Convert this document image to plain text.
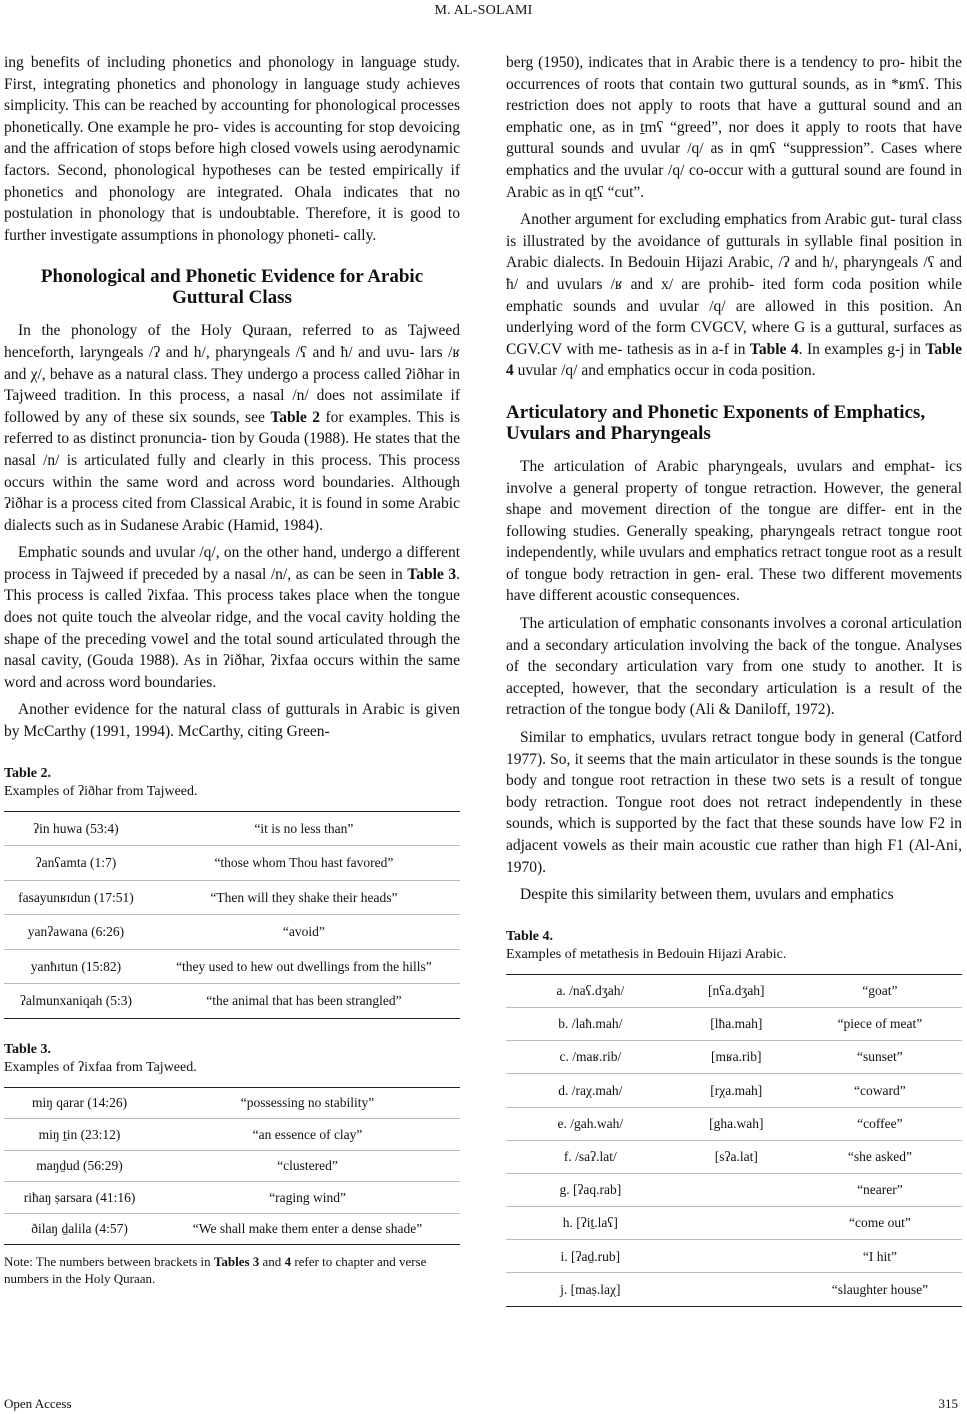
M. AL-SOLAMI

ing benefits of including phonetics and phonology in language study. First, integrating phonetics and phonology in language study achieves simplicity. This can be reached by accounting for phonological processes phonetically. One example he pro- vides is accounting for stop devoicing and the affrication of stops before high closed vowels using aerodynamic factors. Second, phonological hypotheses can be tested empirically if phonetics and phonology are integrated. Ohala indicates that no postulation in phonology that is undoubtable. Therefore, it is good to further investigate assumptions in phonology phoneti- cally.

Phonological and Phonetic Evidence for Arabic Guttural Class

In the phonology of the Holy Quraan, referred to as Tajweed henceforth, laryngeals /ʔ and h/, pharyngeals /ʕ and ħ/ and uvu- lars /ʁ and χ/, behave as a natural class. They undergo a process called ʔiðhar in Tajweed tradition. In this process, a nasal /n/ does not assimilate if followed by any of these six sounds, see Table 2 for examples. This is referred to as distinct pronuncia- tion by Gouda (1988). He states that the nasal /n/ is articulated fully and clearly in this process. This process occurs within the same word and across word boundaries. Although ʔiðhar is a process cited from Classical Arabic, it is found in some Arabic dialects such as in Sudanese Arabic (Hamid, 1984).

Emphatic sounds and uvular /q/, on the other hand, undergo a different process in Tajweed if preceded by a nasal /n/, as can be seen in Table 3. This process is called ʔixfaa. This process takes place when the tongue does not quite touch the alveolar ridge, and the vocal cavity holding the shape of the preceding vowel and the total sound articulated through the nasal cavity, (Gouda 1988). As in ʔiðhar, ʔixfaa occurs within the same word and across word boundaries.

Another evidence for the natural class of gutturals in Arabic is given by McCarthy (1991, 1994). McCarthy, citing Green-

Table 2.
Examples of ʔiðhar from Tajweed.
ʔin huwa (53:4)	“it is no less than”
ʔanʕamta (1:7)	“those whom Thou hast favored”
fasayunʁɪdun (17:51)	“Then will they shake their heads”
yanʔawana (6:26)	“avoid”
yanħɪtun (15:82)	“they used to hew out dwellings from the hills”
ʔalmunxaniqah (5:3)	“the animal that has been strangled”
Table 3.
Examples of ʔixfaa from Tajweed.
miŋ qarar (14:26)	“possessing no stability”
miŋ ṯin (23:12)	“an essence of clay”
maŋḏud (56:29)	“clustered”
riħaŋ ṣarsara (41:16)	“raging wind”
ðilaŋ ḏalila (4:57)	“We shall make them enter a dense shade”
Note: The numbers between brackets in Tables 3 and 4 refer to chapter and verse numbers in the Holy Quraan.

berg (1950), indicates that in Arabic there is a tendency to pro- hibit the occurrences of roots that contain two guttural sounds, as in *ʁmʕ. This restriction does not apply to roots that have a guttural sound and an emphatic one, as in ṯmʕ “greed”, nor does it apply to roots that have guttural sounds and uvular /q/ as in qmʕ “suppression”. Cases where emphatics and the uvular /q/ co-occur with a guttural sound are found in Arabic as in qṯʕ “cut”.

Another argument for excluding emphatics from Arabic gut- tural class is illustrated by the avoidance of gutturals in syllable final position in Arabic dialects. In Bedouin Hijazi Arabic, /ʔ and h/, pharyngeals /ʕ and ħ/ and uvulars /ʁ and x/ are prohib- ited form coda position while emphatic sounds and uvular /q/ are allowed in this position. An underlying word of the form CVGCV, where G is a guttural, surfaces as CGV.CV with me- tathesis as in a-f in Table 4. In examples g-j in Table 4 uvular /q/ and emphatics occur in coda position.

Articulatory and Phonetic Exponents of Emphatics, Uvulars and Pharyngeals

The articulation of Arabic pharyngeals, uvulars and emphat- ics involve a general property of tongue retraction. However, the general shape and movement direction of the tongue are differ- ent in the following studies. Generally speaking, pharyngeals retract tongue root independently, while uvulars and emphatics retract tongue root as a result of tongue body retraction in gen- eral. These two different movements have different acoustic consequences.

The articulation of emphatic consonants involves a coronal articulation and a secondary articulation involving the back of the tongue. Analyses of the secondary articulation vary from one study to another. It is accepted, however, that the secondary articulation is a result of the retraction of the tongue body (Ali & Daniloff, 1972).

Similar to emphatics, uvulars retract tongue body in general (Catford 1977). So, it seems that the main articulator in these sounds is the tongue body and tongue root retraction in these two sets is a result of tongue body retraction. Tongue root does not retract independently in these sounds, which is supported by the fact that these sounds have low F2 in adjacent vowels as their main acoustic cue rather than high F1 (Al-Ani, 1970).

Despite this similarity between them, uvulars and emphatics

Table 4.
Examples of metathesis in Bedouin Hijazi Arabic.
a. /naʕ.dʒah/	[nʕa.dʒah]	“goat”
b. /laħ.mah/	[lħa.mah]	“piece of meat”
c. /maʁ.rib/	[mʁa.rib]	“sunset”
d. /raχ.mah/	[rχa.mah]	“coward”
e. /gah.wah/	[gha.wah]	“coffee”
f. /saʔ.lat/	[sʔa.lat]	“she asked”
g. [ʔaq.rab]		“nearer”
h. [ʔiṯ.laʕ]		“come out”
i. [ʔaḏ.rub]		“I hit”
j. [maṣ.laχ]		“slaughter house”
Open Access	315
